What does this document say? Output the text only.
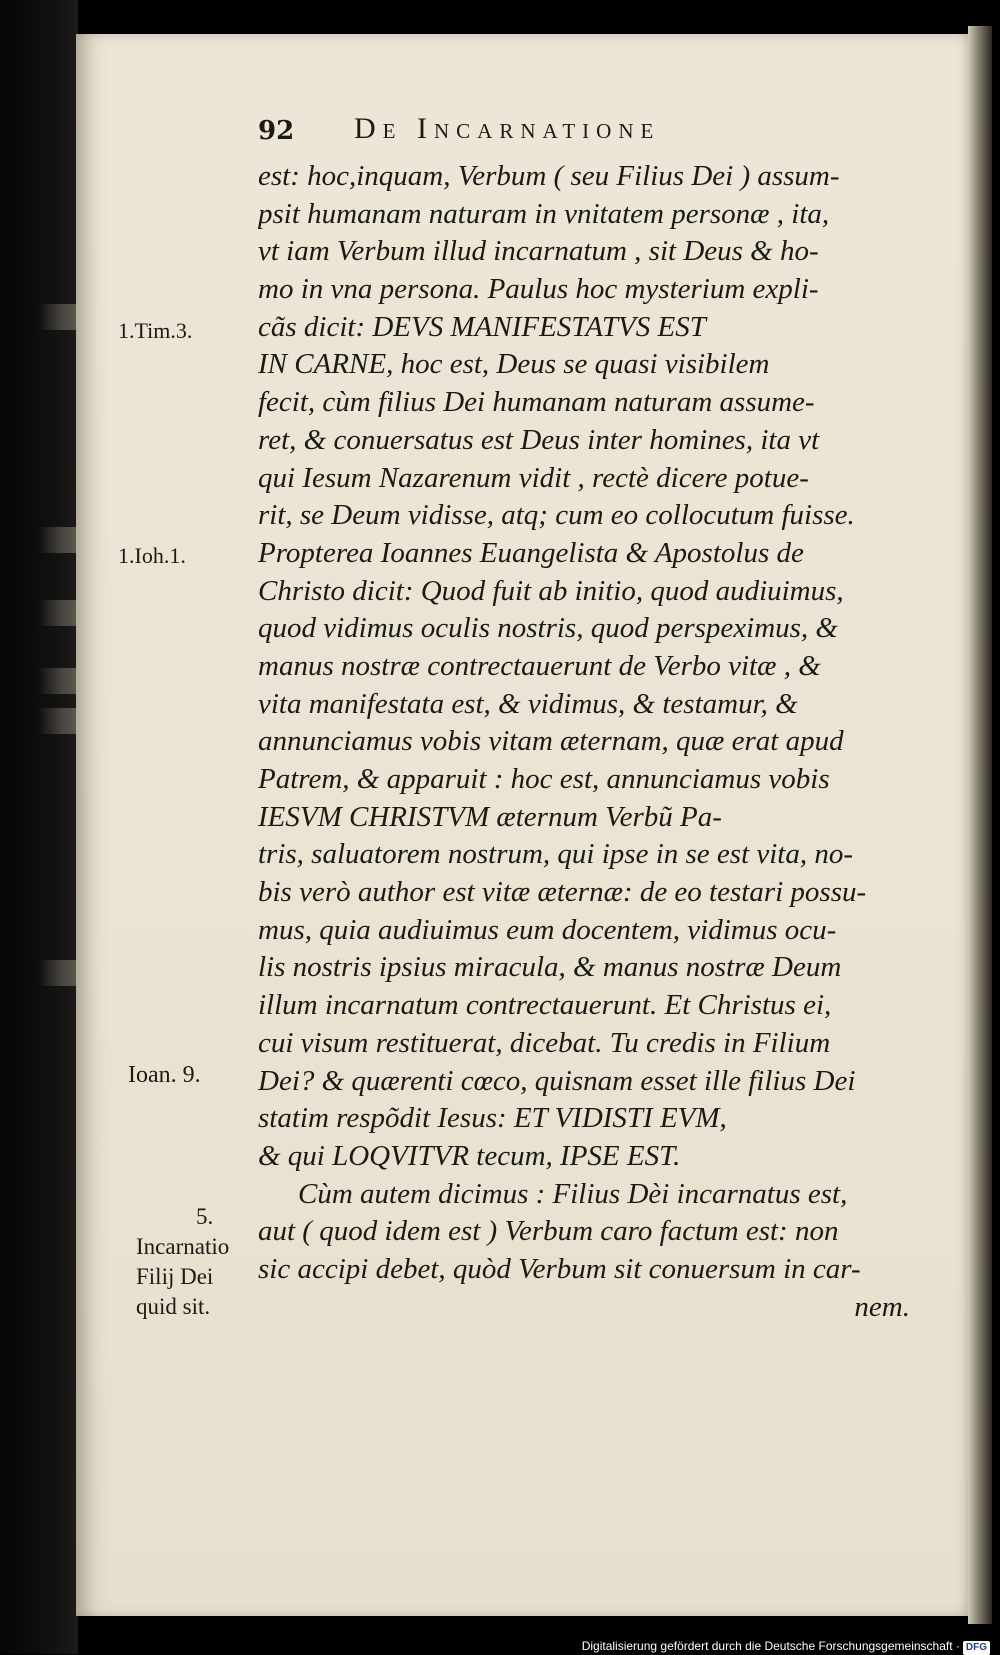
92 De Incarnatione
est: hoc,inquam, Verbum ( seu Filius Dei ) assum-
psit humanam naturam in vnitatem personæ , ita,
vt iam Verbum illud incarnatum , sit Deus & ho-
mo in vna persona. Paulus hoc mysterium expli-
cãs dicit: DEVS MANIFESTATVS EST
IN CARNE, hoc est, Deus se quasi visibilem
fecit, cùm filius Dei humanam naturam assume-
ret, & conuersatus est Deus inter homines, ita vt
qui Iesum Nazarenum vidit , rectè dicere potue-
rit, se Deum vidisse, atq; cum eo collocutum fuisse.
Propterea Ioannes Euangelista & Apostolus de
Christo dicit: Quod fuit ab initio, quod audiuimus,
quod vidimus oculis nostris, quod perspeximus, &
manus nostræ contrectauerunt de Verbo vitæ , &
vita manifestata est, & vidimus, & testamur, &
annunciamus vobis vitam æternam, quæ erat apud
Patrem, & apparuit : hoc est, annunciamus vobis
IESVM CHRISTVM æternum Verbũ Pa-
tris, saluatorem nostrum, qui ipse in se est vita, no-
bis verò author est vitæ æternæ: de eo testari possu-
mus, quia audiuimus eum docentem, vidimus ocu-
lis nostris ipsius miracula, & manus nostræ Deum
illum incarnatum contrectauerunt. Et Christus ei,
cui visum restituerat, dicebat. Tu credis in Filium
Dei? & quærenti cœco, quisnam esset ille filius Dei
statim respõdit Iesus: ET VIDISTI EVM,
& qui LOQVITVR tecum, IPSE EST.
Cùm autem dicimus : Filius Dèi incarnatus est,
aut ( quod idem est ) Verbum caro factum est: non
sic accipi debet, quòd Verbum sit conuersum in car-
nem.
1.Tim.3.
1.Ioh.1.
Ioan. 9.
5.
Incarnatio
Filij Dei
quid sit.
Digitalisierung gefördert durch die Deutsche Forschungsgemeinschaft · DFG
